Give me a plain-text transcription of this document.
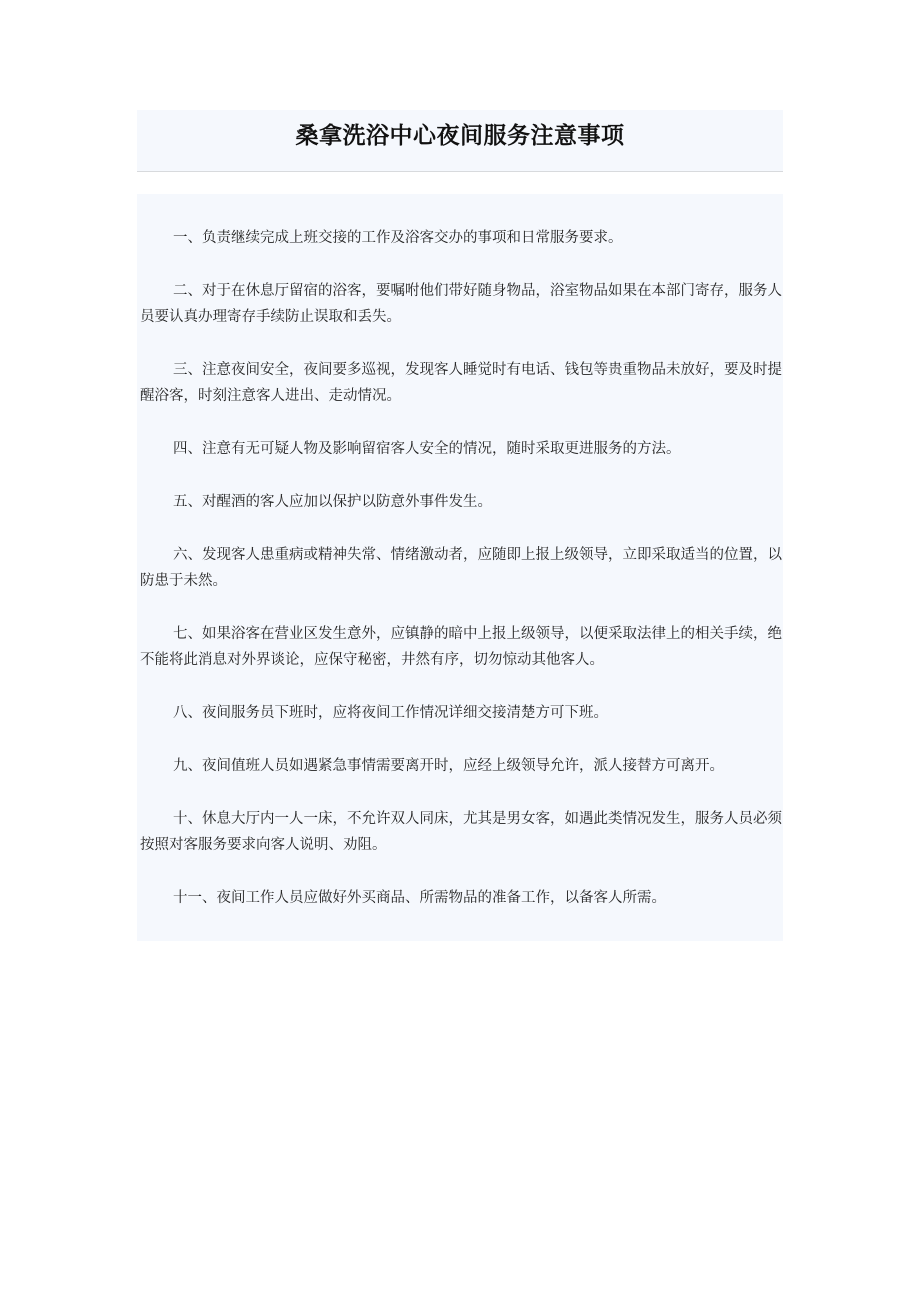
桑拿洗浴中心夜间服务注意事项
一、负责继续完成上班交接的工作及浴客交办的事项和日常服务要求。
二、对于在休息厅留宿的浴客，要嘱咐他们带好随身物品，浴室物品如果在本部门寄存，服务人员要认真办理寄存手续防止误取和丢失。
三、注意夜间安全，夜间要多巡视，发现客人睡觉时有电话、钱包等贵重物品未放好，要及时提醒浴客，时刻注意客人进出、走动情况。
四、注意有无可疑人物及影响留宿客人安全的情况，随时采取更进服务的方法。
五、对醒酒的客人应加以保护以防意外事件发生。
六、发现客人患重病或精神失常、情绪激动者，应随即上报上级领导，立即采取适当的位置，以防患于未然。
七、如果浴客在营业区发生意外，应镇静的暗中上报上级领导，以便采取法律上的相关手续，绝不能将此消息对外界谈论，应保守秘密，井然有序，切勿惊动其他客人。
八、夜间服务员下班时，应将夜间工作情况详细交接清楚方可下班。
九、夜间值班人员如遇紧急事情需要离开时，应经上级领导允许，派人接替方可离开。
十、休息大厅内一人一床，不允许双人同床，尤其是男女客，如遇此类情况发生，服务人员必须按照对客服务要求向客人说明、劝阻。
十一、夜间工作人员应做好外买商品、所需物品的准备工作，以备客人所需。
